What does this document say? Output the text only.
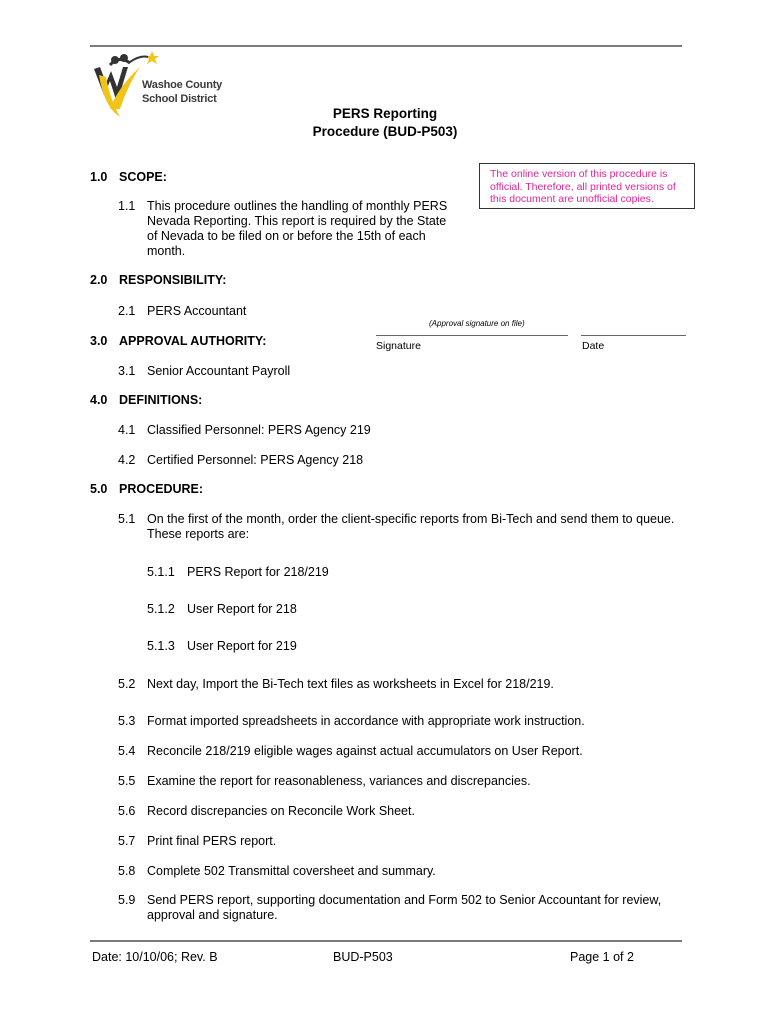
Washoe County
School District
PERS Reporting
Procedure (BUD-P503)
The online version of this procedure is official. Therefore, all printed versions of this document are unofficial copies.
1.0 SCOPE:
1.1 This procedure outlines the handling of monthly PERS
Nevada Reporting. This report is required by the State
of Nevada to be filed on or before the 15th of each
month.
2.0 RESPONSIBILITY:
2.1 PERS Accountant
(Approval signature on file)
Signature	Date
3.0 APPROVAL AUTHORITY:
3.1 Senior Accountant Payroll
4.0 DEFINITIONS:
4.1 Classified Personnel: PERS Agency 219
4.2 Certified Personnel: PERS Agency 218
5.0 PROCEDURE:
5.1 On the first of the month, order the client-specific reports from Bi-Tech and send them to queue.
These reports are:
5.1.1 PERS Report for 218/219
5.1.2 User Report for 218
5.1.3 User Report for 219
5.2 Next day, Import the Bi-Tech text files as worksheets in Excel for 218/219.
5.3 Format imported spreadsheets in accordance with appropriate work instruction.
5.4 Reconcile 218/219 eligible wages against actual accumulators on User Report.
5.5 Examine the report for reasonableness, variances and discrepancies.
5.6 Record discrepancies on Reconcile Work Sheet.
5.7 Print final PERS report.
5.8 Complete 502 Transmittal coversheet and summary.
5.9 Send PERS report, supporting documentation and Form 502 to Senior Accountant for review,
approval and signature.
Date: 10/10/06; Rev. B	BUD-P503	Page 1 of 2
